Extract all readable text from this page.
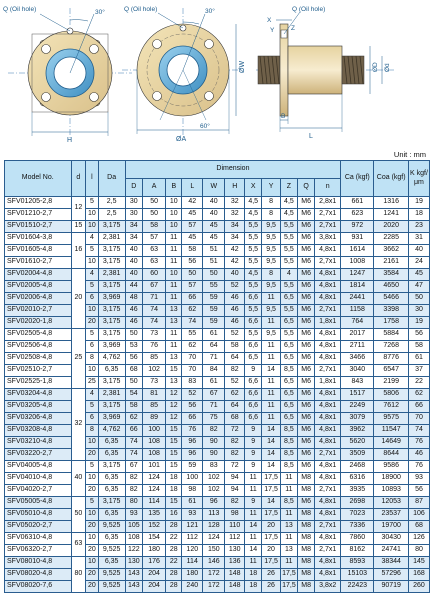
Q (Oil hole)	30°
H
Q (Oil hole)	30°
60°
ØA
ØW
Q (Oil hole)
X
Y	Z
ØD Ød
B
L
Unit : mm
Model No.	d	l	Da	Dimension											Ca (kgf)	Coa (kgf)	K kgf/ μm
				D	A	B	L	W	H	X	Y	Z	Q	n			
SFV01205-2,8	12	5	2,5	30	50	10	42	40	32	4,5	8	4,5	M6	2,8x1	661	1316	19
SFV01210-2,7		10	2,5	30	50	10	45	40	32	4,5	8	4,5	M6	2,7x1	623	1241	18
SFV01510-2,7	15	10	3,175	34	58	10	57	45	34	5,5	9,5	5,5	M6	2,7x1	972	2020	23
SFV01604-3,8	16	4	2,381	34	57	11	45	45	34	5,5	9,5	5,5	M6	3,8x1	931	2285	31
SFV01605-4,8		5	3,175	40	63	11	58	51	42	5,5	9,5	5,5	M6	4,8x1	1614	3662	40
SFV01610-2,7		10	3,175	40	63	11	56	51	42	5,5	9,5	5,5	M6	2,7x1	1008	2161	24
SFV02004-4,8	20	4	2,381	40	60	10	50	50	40	4,5	8	4	M6	4,8x1	1247	3584	45
SFV02005-4,8		5	3,175	44	67	11	57	55	52	5,5	9,5	5,5	M6	4,8x1	1814	4650	47
SFV02006-4,8		6	3,969	48	71	11	66	59	46	6,6	11	6,5	M6	4,8x1	2441	5466	50
SFV02010-2,7		10	3,175	46	74	13	62	59	46	5,5	9,5	5,5	M6	2,7x1	1158	3398	30
SFV02020-1,8		20	3,175	46	74	13	74	59	46	6,6	11	6,5	M6	1,8x1	764	1758	19
SFV02505-4,8	25	5	3,175	50	73	11	55	61	52	5,5	9,5	5,5	M6	4,8x1	2017	5884	56
SFV02506-4,8		6	3,969	53	76	11	62	64	58	6,6	11	6,5	M6	4,8x1	2711	7268	58
SFV02508-4,8		8	4,762	56	85	13	70	71	64	6,5	11	6,5	M6	4,8x1	3466	8776	61
SFV02510-2,7		10	6,35	68	102	15	70	84	82	9	14	8,5	M6	2,7x1	3040	6547	37
SFV02525-1,8		25	3,175	50	73	13	83	61	52	6,6	11	6,5	M6	1,8x1	843	2199	22
SFV03204-4,8	32	4	2,381	54	81	12	52	67	62	6,6	11	6,5	M6	4,8x1	1517	5806	62
SFV03205-4,8		5	3,175	58	85	12	56	71	64	6,6	11	6,5	M6	4,8x1	2249	7612	66
SFV03206-4,8		6	3,969	62	89	12	66	75	68	6,6	11	6,5	M6	4,8x1	3079	9575	70
SFV03208-4,8		8	4,762	66	100	15	76	82	72	9	14	8,5	M6	4,8x1	3962	11547	74
SFV03210-4,8		10	6,35	74	108	15	96	90	82	9	14	8,5	M6	4,8x1	5620	14649	76
SFV03220-2,7		20	6,35	74	108	15	96	90	82	9	14	8,5	M6	2,7x1	3509	8644	46
SFV04005-4,8	40	5	3,175	67	101	15	59	83	72	9	14	8,5	M6	4,8x1	2468	9586	76
SFV04010-4,8		10	6,35	82	124	18	100	102	94	11	17,5	11	M8	4,8x1	6316	18900	93
SFV04020-2,7		20	6,35	82	124	18	98	102	94	11	17,5	11	M8	2,7x1	3935	10893	56
SFV05005-4,8	50	5	3,175	80	114	15	61	96	82	9	14	8,5	M6	4,8x1	2698	12053	87
SFV05010-4,8		10	6,35	93	135	16	93	113	98	11	17,5	11	M8	4,8x1	7023	23537	106
SFV05020-2,7		20	9,525	105	152	28	121	128	110	14	20	13	M8	2,7x1	7336	19700	68
SFV06310-4,8	63	10	6,35	108	154	22	112	124	112	11	17,5	11	M8	4,8x1	7860	30430	126
SFV06320-2,7		20	9,525	122	180	28	120	150	130	14	20	13	M8	2,7x1	8162	24741	80
SFV08010-4,8	80	10	6,35	130	176	22	114	146	136	11	17,5	11	M8	4,8x1	8593	38344	145
SFV08020-4,8		20	9,525	143	204	28	180	172	148	18	26	17,5	M8	4,8x1	15103	57296	168
SFV08020-7,6		20	9,525	143	204	28	240	172	148	18	26	17,5	M8	3,8x2	22423	90719	260
